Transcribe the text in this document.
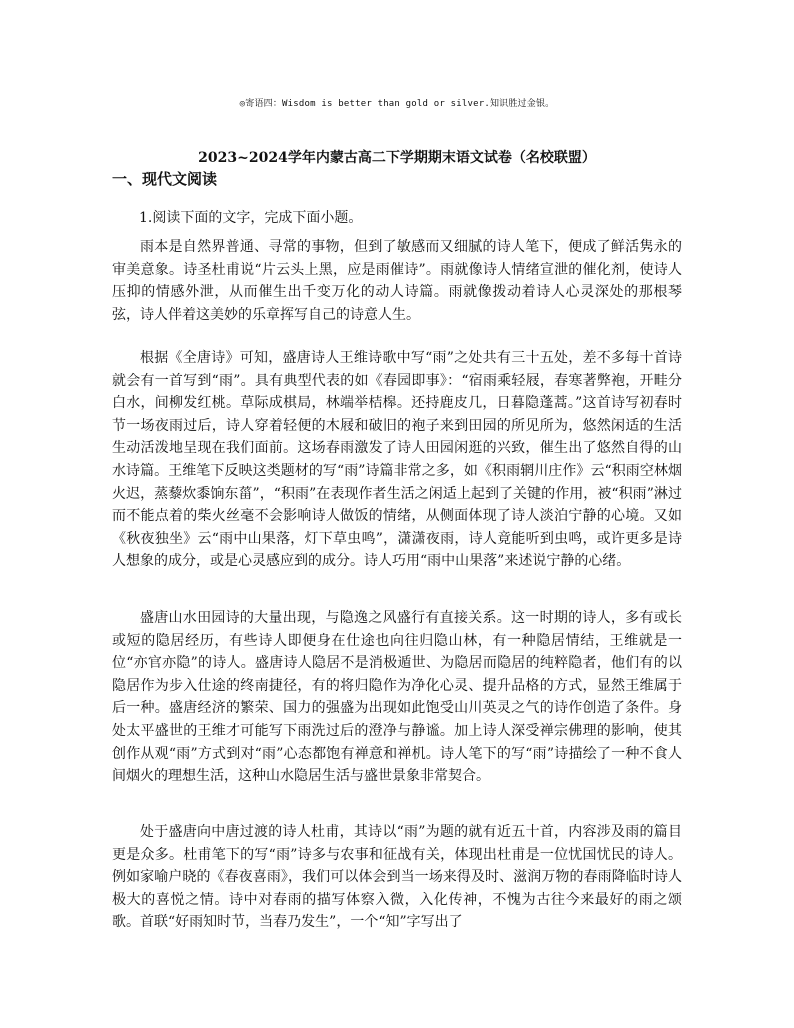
◎寄语四：Wisdom is better than gold or silver.知识胜过金银。
2023~2024学年内蒙古高二下学期期末语文试卷（名校联盟）
一、现代文阅读
1.阅读下面的文字，完成下面小题。

雨本是自然界普通、寻常的事物，但到了敏感而又细腻的诗人笔下，便成了鲜活隽永的审美意象。诗圣杜甫说“片云头上黑，应是雨催诗”。雨就像诗人情绪宣泄的催化剂，使诗人压抑的情感外泄，从而催生出千变万化的动人诗篇。雨就像拨动着诗人心灵深处的那根琴弦，诗人伴着这美妙的乐章挥写自己的诗意人生。

根据《全唐诗》可知，盛唐诗人王维诗歌中写“雨”之处共有三十五处，差不多每十首诗就会有一首写到“雨”。具有典型代表的如《春园即事》：“宿雨乘轻屐，春寒著弊袍，开畦分白水，间柳发红桃。草际成棋局，林端举桔槔。还持鹿皮几，日暮隐蓬蒿。”这首诗写初春时节一场夜雨过后，诗人穿着轻便的木屐和破旧的袍子来到田园的所见所为，悠然闲适的生活生动活泼地呈现在我们面前。这场春雨激发了诗人田园闲逛的兴致，催生出了悠然自得的山水诗篇。王维笔下反映这类题材的写“雨”诗篇非常之多，如《积雨辋川庄作》云“积雨空林烟火迟，蒸藜炊黍饷东菑”，“积雨”在表现作者生活之闲适上起到了关键的作用，被“积雨”淋过而不能点着的柴火丝毫不会影响诗人做饭的情绪，从侧面体现了诗人淡泊宁静的心境。又如《秋夜独坐》云“雨中山果落，灯下草虫鸣”，潇潇夜雨，诗人竟能听到虫鸣，或许更多是诗人想象的成分，或是心灵感应到的成分。诗人巧用“雨中山果落”来述说宁静的心绪。

盛唐山水田园诗的大量出现，与隐逸之风盛行有直接关系。这一时期的诗人，多有或长或短的隐居经历，有些诗人即便身在仕途也向往归隐山林，有一种隐居情结，王维就是一位“亦官亦隐”的诗人。盛唐诗人隐居不是消极遁世、为隐居而隐居的纯粹隐者，他们有的以隐居作为步入仕途的终南捷径，有的将归隐作为净化心灵、提升品格的方式，显然王维属于后一种。盛唐经济的繁荣、国力的强盛为出现如此饱受山川英灵之气的诗作创造了条件。身处太平盛世的王维才可能写下雨洗过后的澄净与静谧。加上诗人深受禅宗佛理的影响，使其创作从观“雨”方式到对“雨”心态都饱有禅意和禅机。诗人笔下的写“雨”诗描绘了一种不食人间烟火的理想生活，这种山水隐居生活与盛世景象非常契合。

处于盛唐向中唐过渡的诗人杜甫，其诗以“雨”为题的就有近五十首，内容涉及雨的篇目更是众多。杜甫笔下的写“雨”诗多与农事和征战有关，体现出杜甫是一位忧国忧民的诗人。例如家喻户晓的《春夜喜雨》，我们可以体会到当一场来得及时、滋润万物的春雨降临时诗人极大的喜悦之情。诗中对春雨的描写体察入微，入化传神，不愧为古往今来最好的雨之颂歌。首联“好雨知时节，当春乃发生”，一个“知”字写出了
